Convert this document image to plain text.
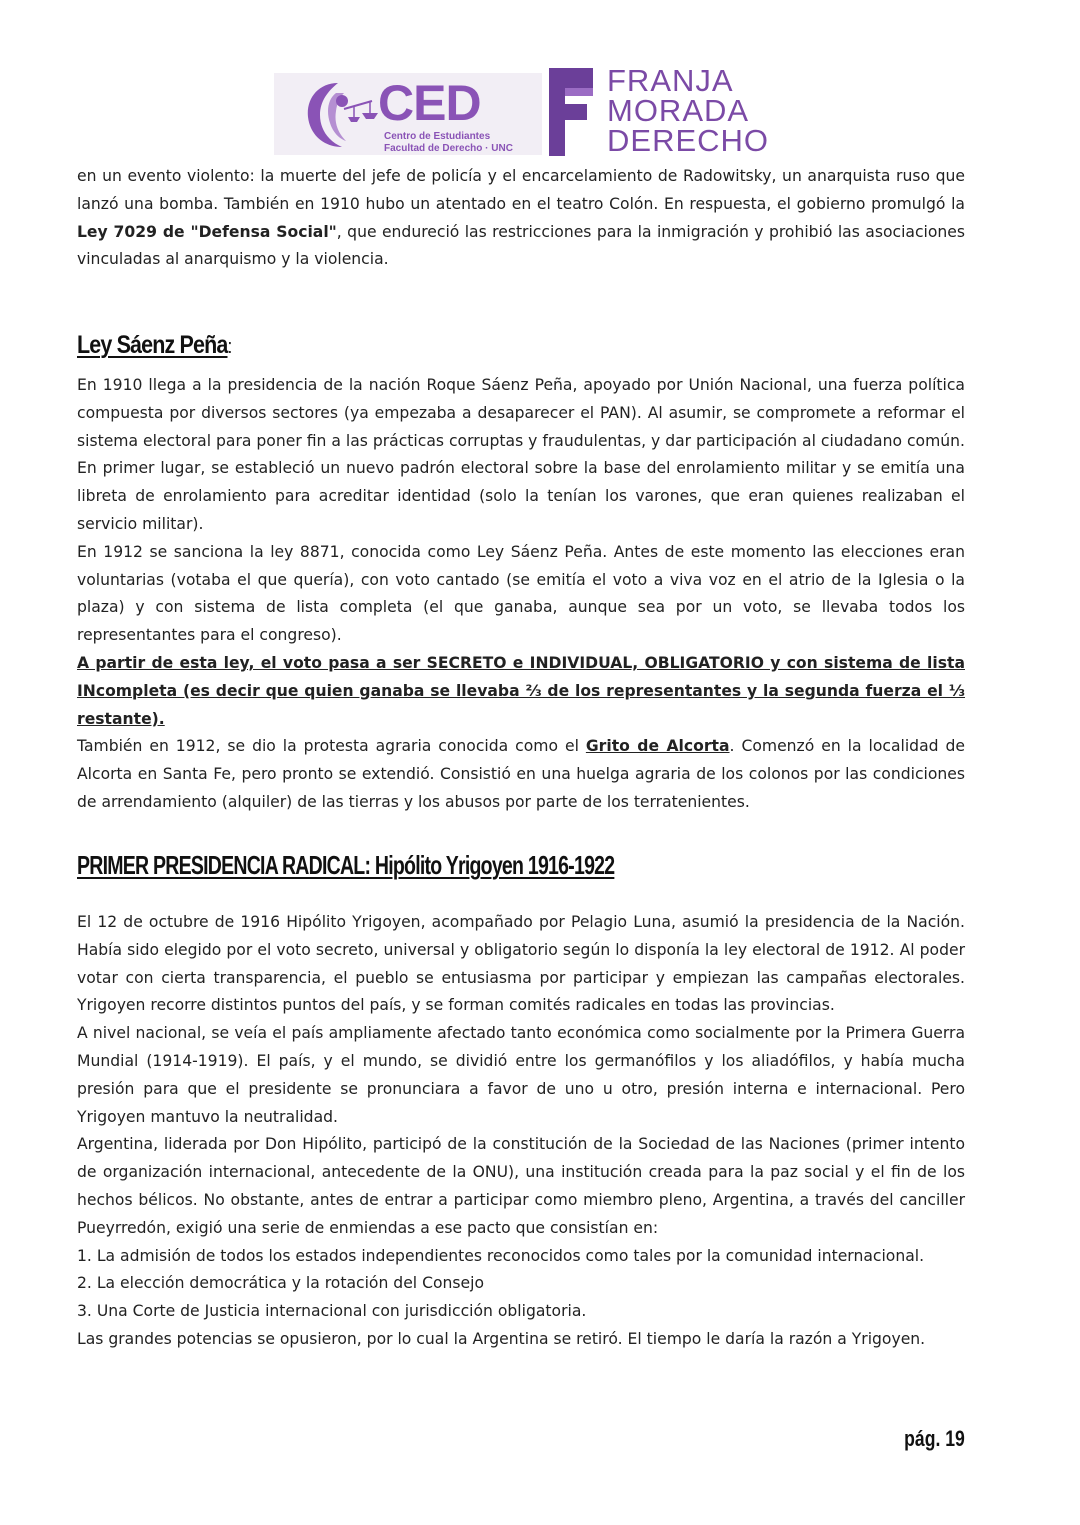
CED
Centro de Estudiantes
Facultad de Derecho · UNC
FRANJA
MORADA
DERECHO

en un evento violento: la muerte del jefe de policía y el encarcelamiento de Radowitsky, un anarquista ruso que lanzó una bomba. También en 1910 hubo un atentado en el teatro Colón. En respuesta, el gobierno promulgó la Ley 7029 de "Defensa Social", que endureció las restricciones para la inmigración y prohibió las asociaciones vinculadas al anarquismo y la violencia.

Ley Sáenz Peña:

En 1910 llega a la presidencia de la nación Roque Sáenz Peña, apoyado por Unión Nacional, una fuerza política compuesta por diversos sectores (ya empezaba a desaparecer el PAN). Al asumir, se compromete a reformar el sistema electoral para poner fin a las prácticas corruptas y fraudulentas, y dar participación al ciudadano común. En primer lugar, se estableció un nuevo padrón electoral sobre la base del enrolamiento militar y se emitía una libreta de enrolamiento para acreditar identidad (solo la tenían los varones, que eran quienes realizaban el servicio militar).

En 1912 se sanciona la ley 8871, conocida como Ley Sáenz Peña. Antes de este momento las elecciones eran voluntarias (votaba el que quería), con voto cantado (se emitía el voto a viva voz en el atrio de la Iglesia o la plaza) y con sistema de lista completa (el que ganaba, aunque sea por un voto, se llevaba todos los representantes para el congreso).

A partir de esta ley, el voto pasa a ser SECRETO e INDIVIDUAL, OBLIGATORIO y con sistema de lista INcompleta (es decir que quien ganaba se llevaba ⅔ de los representantes y la segunda fuerza el ⅓ restante).

También en 1912, se dio la protesta agraria conocida como el Grito de Alcorta. Comenzó en la localidad de Alcorta en Santa Fe, pero pronto se extendió. Consistió en una huelga agraria de los colonos por las condiciones de arrendamiento (alquiler) de las tierras y los abusos por parte de los terratenientes.

PRIMER PRESIDENCIA RADICAL: Hipólito Yrigoyen 1916-1922

El 12 de octubre de 1916 Hipólito Yrigoyen, acompañado por Pelagio Luna, asumió la presidencia de la Nación. Había sido elegido por el voto secreto, universal y obligatorio según lo disponía la ley electoral de 1912. Al poder votar con cierta transparencia, el pueblo se entusiasma por participar y empiezan las campañas electorales. Yrigoyen recorre distintos puntos del país, y se forman comités radicales en todas las provincias.

A nivel nacional, se veía el país ampliamente afectado tanto económica como socialmente por la Primera Guerra Mundial (1914-1919). El país, y el mundo, se dividió entre los germanófilos y los aliadófilos, y había mucha presión para que el presidente se pronunciara a favor de uno u otro, presión interna e internacional. Pero Yrigoyen mantuvo la neutralidad.

Argentina, liderada por Don Hipólito, participó de la constitución de la Sociedad de las Naciones (primer intento de organización internacional, antecedente de la ONU), una institución creada para la paz social y el fin de los hechos bélicos. No obstante, antes de entrar a participar como miembro pleno, Argentina, a través del canciller Pueyrredón, exigió una serie de enmiendas a ese pacto que consistían en:

1. La admisión de todos los estados independientes reconocidos como tales por la comunidad internacional.

2. La elección democrática y la rotación del Consejo

3. Una Corte de Justicia internacional con jurisdicción obligatoria.

Las grandes potencias se opusieron, por lo cual la Argentina se retiró. El tiempo le daría la razón a Yrigoyen.

pág. 19
